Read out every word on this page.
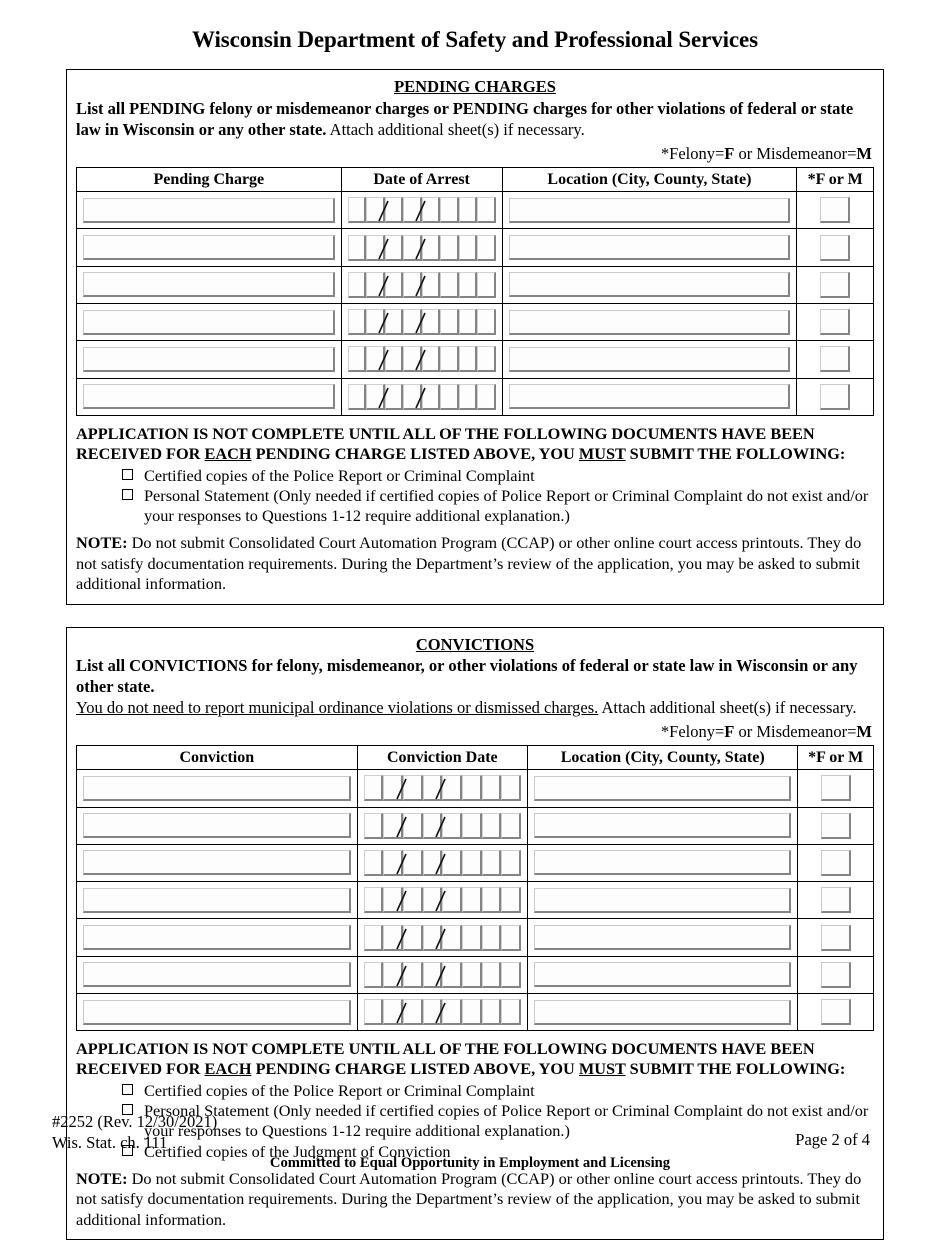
Wisconsin Department of Safety and Professional Services
PENDING CHARGES
List all PENDING felony or misdemeanor charges or PENDING charges for other violations of federal or state law in Wisconsin or any other state. Attach additional sheet(s) if necessary.
*Felony=F or Misdemeanor=M
Pending Charge	Date of Arrest	Location (City, County, State)	*F or M

APPLICATION IS NOT COMPLETE UNTIL ALL OF THE FOLLOWING DOCUMENTS HAVE BEEN RECEIVED FOR EACH PENDING CHARGE LISTED ABOVE, YOU MUST SUBMIT THE FOLLOWING:
Certified copies of the Police Report or Criminal Complaint
Personal Statement (Only needed if certified copies of Police Report or Criminal Complaint do not exist and/or your responses to Questions 1-12 require additional explanation.)
NOTE: Do not submit Consolidated Court Automation Program (CCAP) or other online court access printouts. They do not satisfy documentation requirements. During the Department’s review of the application, you may be asked to submit additional information.
CONVICTIONS
List all CONVICTIONS for felony, misdemeanor, or other violations of federal or state law in Wisconsin or any other state.
You do not need to report municipal ordinance violations or dismissed charges. Attach additional sheet(s) if necessary.
*Felony=F or Misdemeanor=M
Conviction	Conviction Date	Location (City, County, State)	*F or M

APPLICATION IS NOT COMPLETE UNTIL ALL OF THE FOLLOWING DOCUMENTS HAVE BEEN RECEIVED FOR EACH PENDING CHARGE LISTED ABOVE, YOU MUST SUBMIT THE FOLLOWING:
Certified copies of the Police Report or Criminal Complaint
Personal Statement (Only needed if certified copies of Police Report or Criminal Complaint do not exist and/or your responses to Questions 1-12 require additional explanation.)
Certified copies of the Judgment of Conviction
NOTE: Do not submit Consolidated Court Automation Program (CCAP) or other online court access printouts. They do not satisfy documentation requirements. During the Department’s review of the application, you may be asked to submit additional information.
#2252 (Rev. 12/30/2021)
Wis. Stat. ch. 111	Page 2 of 4
Committed to Equal Opportunity in Employment and Licensing
